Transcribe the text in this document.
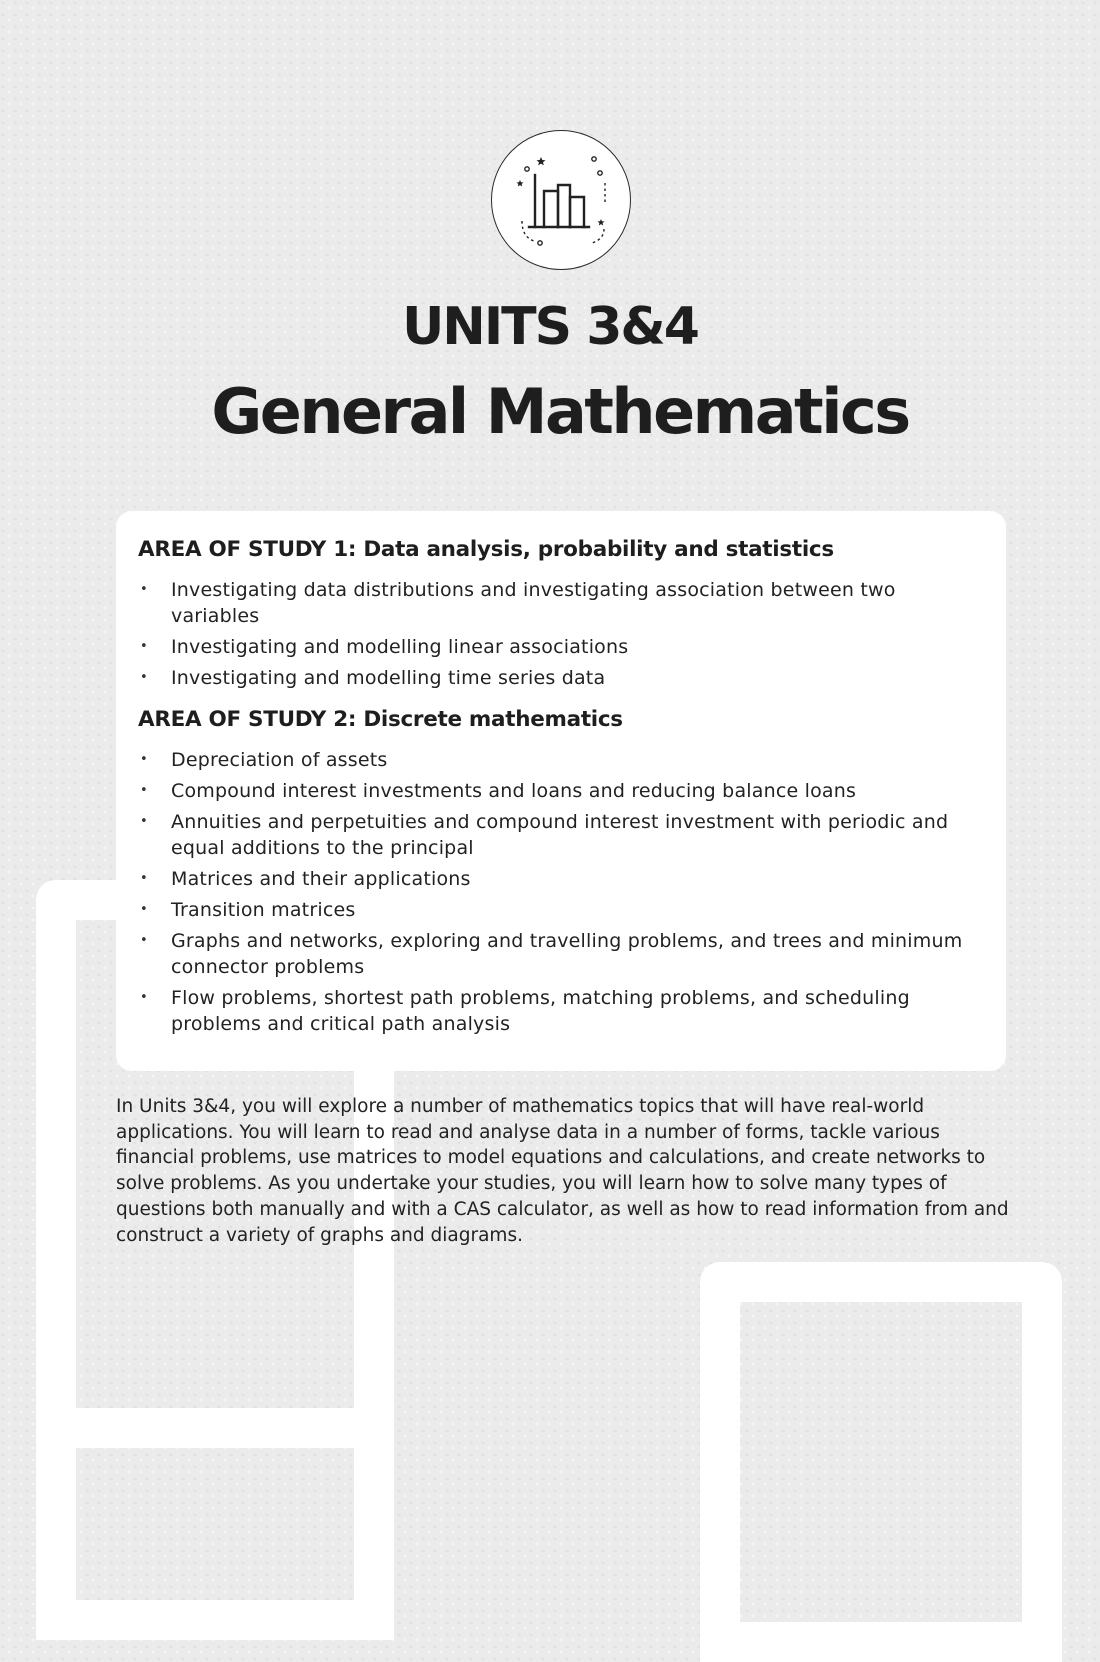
UNITS 3&4
General Mathematics
AREA OF STUDY 1: Data analysis, probability and statistics
• Investigating data distributions and investigating association between two variables
• Investigating and modelling linear associations
• Investigating and modelling time series data
AREA OF STUDY 2: Discrete mathematics
• Depreciation of assets
• Compound interest investments and loans and reducing balance loans
• Annuities and perpetuities and compound interest investment with periodic and equal additions to the principal
• Matrices and their applications
• Transition matrices
• Graphs and networks, exploring and travelling problems, and trees and minimum connector problems
• Flow problems, shortest path problems, matching problems, and scheduling problems and critical path analysis

In Units 3&4, you will explore a number of mathematics topics that will have real-world applications. You will learn to read and analyse data in a number of forms, tackle various financial problems, use matrices to model equations and calculations, and create networks to solve problems. As you undertake your studies, you will learn how to solve many types of questions both manually and with a CAS calculator, as well as how to read information from and construct a variety of graphs and diagrams.
